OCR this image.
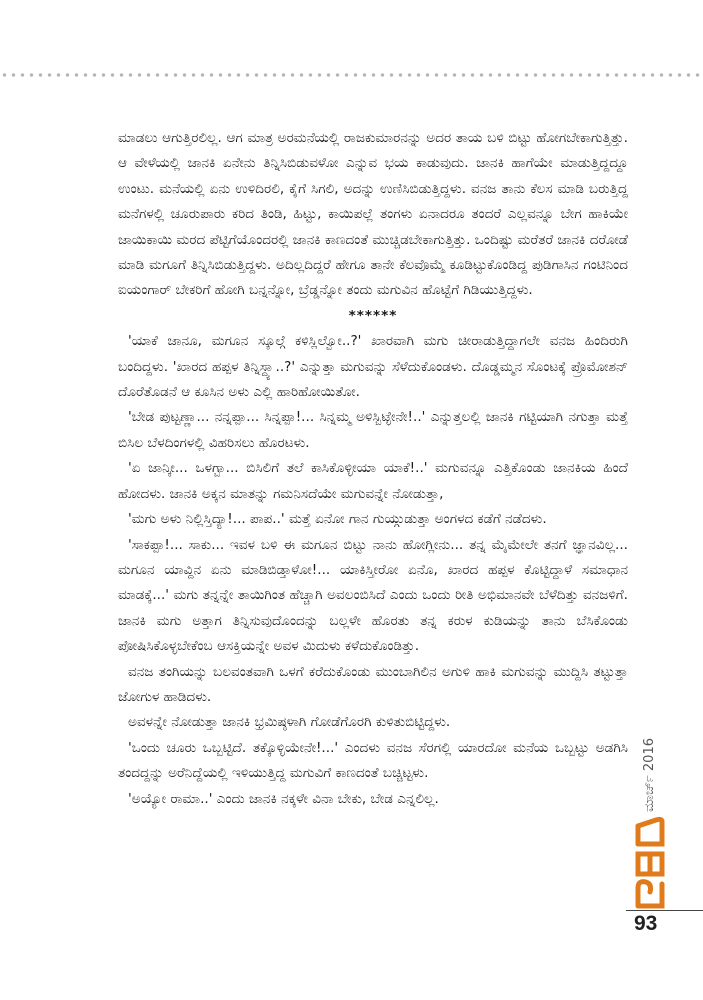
ಮಾಡಲು ಆಗುತ್ತಿರಲಿಲ್ಲ. ಆಗ ಮಾತ್ರ ಅರಮನೆಯಲ್ಲಿ ರಾಜಕುಮಾರನನ್ನು ಅದರ ತಾಯ ಬಳಿ ಬಿಟ್ಟು ಹೋಗಬೇಕಾಗುತ್ತಿತ್ತು. ಆ ವೇಳೆಯಲ್ಲಿ ಜಾನಕಿ ಏನೇನು ತಿನ್ನಿಸಿಬಿಡುವಳೋ ಎನ್ನುವ ಭಯ ಕಾಡುವುದು. ಜಾನಕಿ ಹಾಗೆಯೇ ಮಾಡುತ್ತಿದ್ದದ್ದೂ ಉಂಟು. ಮನೆಯಲ್ಲಿ ಏನು ಉಳಿದಿರಲಿ, ಕೈಗೆ ಸಿಗಲಿ, ಅದನ್ನು ಉಣಿಸಿಬಿಡುತ್ತಿದ್ದಳು. ವನಜ ತಾನು ಕೆಲಸ ಮಾಡಿ ಬರುತ್ತಿದ್ದ ಮನೆಗಳಲ್ಲಿ ಚೂರುಪಾರು ಕರಿದ ತಿಂಡಿ, ಹಿಟ್ಟು, ಕಾಯಿಪಲ್ಲೆ ತಂಗಳು ಏನಾದರೂ ತಂದರೆ ಎಲ್ಲವನ್ನೂ ಬೇಗ ಹಾಕಿಯೇ ಜಾಯಿಕಾಯಿ ಮರದ ಪೆಟ್ಟಿಗೆಯೊಂದರಲ್ಲಿ ಜಾನಕಿ ಕಾಣದಂತೆ ಮುಚ್ಚಿಡಬೇಕಾಗುತ್ತಿತ್ತು. ಒಂದಿಷ್ಟು ಮರೆತರೆ ಜಾನಕಿ ದರೋಡೆ ಮಾಡಿ ಮಗೂಗೆ ತಿನ್ನಿಸಿಬಿಡುತ್ತಿದ್ದಳು. ಅದಿಲ್ಲದಿದ್ದರೆ ಹೇಗೂ ತಾನೇ ಕೆಲವೊಮ್ಮೆ ಕೂಡಿಟ್ಟುಕೊಂಡಿದ್ದ ಪುಡಿಗಾಸಿನ ಗಂಟಿನಿಂದ ಐಯಂಗಾರ್ ಬೇಕರಿಗೆ ಹೋಗಿ ಬನ್ನನ್ನೋ, ಬ್ರೆಡ್ಡನ್ನೋ ತಂದು ಮಗುವಿನ ಹೊಟ್ಟೆಗೆ ಗಿಡಿಯುತ್ತಿದ್ದಳು.

******

'ಯಾಕೆ ಜಾನೂ, ಮಗೂನ ಸ್ಕೂಲ್ಗೆ ಕಳಿಸ್ಲಿಲ್ವೋ..?' ಖಾರವಾಗಿ ಮಗು ಚೀರಾಡುತ್ತಿದ್ದಾಗಲೇ ವನಜ ಹಿಂದಿರುಗಿ ಬಂದಿದ್ದಳು. 'ಖಾರದ ಹಪ್ಪಳ ತಿನ್ನಿಸ್ದ್ಯಾ..?' ಎನ್ನುತ್ತಾ ಮಗುವನ್ನು ಸೆಳೆದುಕೊಂಡಳು. ದೊಡ್ಡಮ್ಮನ ಸೊಂಟಕ್ಕೆ ಪ್ರೊಮೋಶನ್ ದೊರೆತೊಡನೆ ಆ ಕೂಸಿನ ಅಳು ಎಲ್ಲಿ ಹಾರಿಹೋಯಿತೋ.

'ಬೇಡ ಪುಟ್ಟಣ್ಣಾ... ನನ್ನಪ್ಪಾ... ಸಿನ್ನಪ್ಪಾ!... ಸಿನ್ನಮ್ಮ ಅಳಿಸ್ಬಿಟ್ಳೇನೇ!..' ಎನ್ನುತ್ತಲಲ್ಲಿ ಜಾನಕಿ ಗಟ್ಟಿಯಾಗಿ ನಗುತ್ತಾ ಮತ್ತೆ ಬಿಸಿಲ ಬೆಳದಿಂಗಳಲ್ಲಿ ವಿಹರಿಸಲು ಹೊರಟಳು.

'ಏ ಜಾನ್ಕೀ... ಒಳಗ್ಬಾ... ಬಿಸಿಲಿಗೆ ತಲೆ ಕಾಸಿಕೊಳ್ಳೀಯಾ ಯಾಕೆ!..' ಮಗುವನ್ನೂ ಎತ್ತಿಕೊಂಡು ಜಾನಕಿಯ ಹಿಂದೆ ಹೋದಳು. ಜಾನಕಿ ಅಕ್ಕನ ಮಾತನ್ನು ಗಮನಿಸದೆಯೇ ಮಗುವನ್ನೇ ನೋಡುತ್ತಾ,

'ಮಗು ಅಳು ನಿಲ್ಲಿಸ್ತಿದ್ಯಾ!... ಪಾಪ..' ಮತ್ತೆ ಏನೋ ಗಾನ ಗುಯ್ಗುಡುತ್ತಾ ಅಂಗಳದ ಕಡೆಗೆ ನಡೆದಳು.

'ಸಾಕಪ್ಪಾ!... ಸಾಕು... ಇವಳ ಬಳಿ ಈ ಮಗೂನ ಬಿಟ್ಟು ನಾನು ಹೋಗ್ಲೀನು... ತನ್ನ ಮೈಮೇಲೇ ತನಗೆ ಜ್ಞಾನವಿಲ್ಲ... ಮಗೂನ ಯಾವ್ದಿನ ಏನು ಮಾಡಿಬಿಡ್ತಾಳೋ!... ಯಾಕಿಸ್ತೀರೋ ಏನೊ, ಖಾರದ ಹಪ್ಪಳ ಕೊಟ್ಟಿದ್ದಾಳೆ ಸಮಾಧಾನ ಮಾಡಕ್ಕೆ...' ಮಗು ತನ್ನನ್ನೇ ತಾಯಿಗಿಂತ ಹೆಚ್ಚಾಗಿ ಅವಲಂಬಿಸಿದೆ ಎಂದು ಒಂದು ರೀತಿ ಅಭಿಮಾನವೇ ಬೆಳೆದಿತ್ತು ವನಜಳಿಗೆ. ಜಾನಕಿ ಮಗು ಅತ್ತಾಗ ತಿನ್ನಿಸುವುದೊಂದನ್ನು ಬಲ್ಲಳೇ ಹೊರತು ತನ್ನ ಕರುಳ ಕುಡಿಯನ್ನು ತಾನು ಬೆಸಿಕೊಂಡು ಪೋಷಿಸಿಕೊಳ್ಳಬೇಕೆಂಬ ಆಸಕ್ತಿಯನ್ನೇ ಅವಳ ಮಿದುಳು ಕಳೆದುಕೊಂಡಿತ್ತು.

ವನಜ ತಂಗಿಯನ್ನು ಬಲವಂತವಾಗಿ ಒಳಗೆ ಕರೆದುಕೊಂಡು ಮುಂಬಾಗಿಲಿನ ಅಗುಳಿ ಹಾಕಿ ಮಗುವನ್ನು ಮುದ್ದಿಸಿ ತಟ್ಟುತ್ತಾ ಜೋಗುಳ ಹಾಡಿದಳು.

ಅವಳನ್ನೇ ನೋಡುತ್ತಾ ಜಾನಕಿ ಭ್ರಮಿಷ್ಠಳಾಗಿ ಗೋಡೆಗೊರಗಿ ಕುಳಿತುಬಿಟ್ಟಿದ್ದಳು.

'ಒಂದು ಚೂರು ಒಬ್ಬಟ್ಟಿದೆ. ತಕ್ಕೊಳ್ಳಿಯೇನೇ!...' ಎಂದಳು ವನಜ ಸೆರಗಲ್ಲಿ ಯಾರದೋ ಮನೆಯ ಒಬ್ಬಟ್ಟು ಅಡಗಿಸಿ ತಂದದ್ದನ್ನು ಅರೆನಿದ್ದೆಯಲ್ಲಿ ಇಳಿಯುತ್ತಿದ್ದ ಮಗುವಿಗೆ ಕಾಣದಂತೆ ಬಚ್ಚಿಟ್ಟಳು.

'ಅಯ್ಯೋ ರಾಮಾ..' ಎಂದು ಜಾನಕಿ ನಕ್ಕಳೇ ವಿನಾ ಬೇಕು, ಬೇಡ ಎನ್ನಲಿಲ್ಲ.	ಮಾರ್ಚ್ 2016
93
